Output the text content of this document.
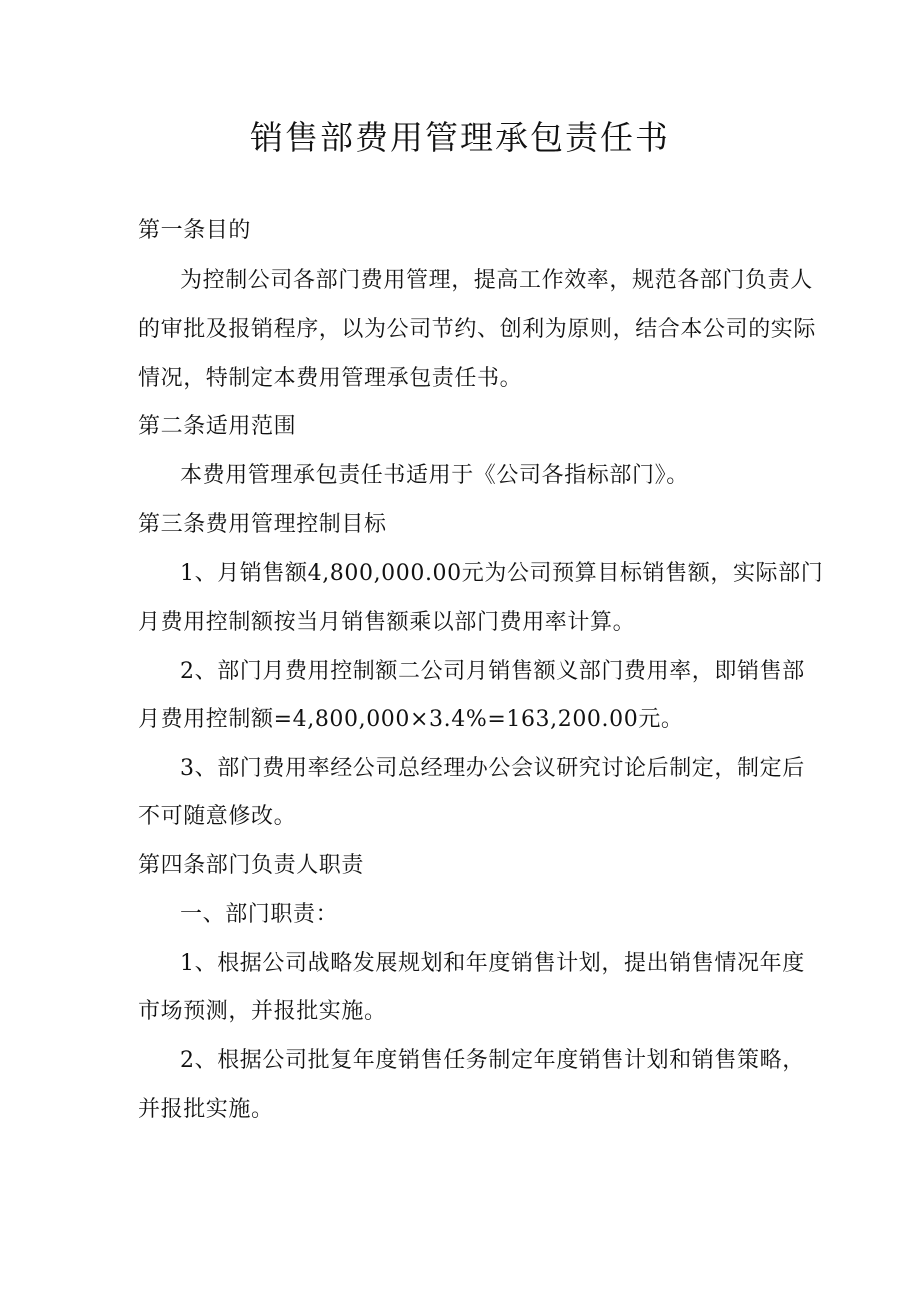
销售部费用管理承包责任书
第一条目的
为控制公司各部门费用管理，提高工作效率，规范各部门负责人
的审批及报销程序，以为公司节约、创利为原则，结合本公司的实际
情况，特制定本费用管理承包责任书。
第二条适用范围
本费用管理承包责任书适用于《公司各指标部门》。
第三条费用管理控制目标
1、月销售额4,800,000.00元为公司预算目标销售额，实际部门
月费用控制额按当月销售额乘以部门费用率计算。
2、部门月费用控制额二公司月销售额义部门费用率，即销售部
月费用控制额=4,800,000×3.4%=163,200.00元。
3、部门费用率经公司总经理办公会议研究讨论后制定，制定后
不可随意修改。
第四条部门负责人职责
一、部门职责：
1、根据公司战略发展规划和年度销售计划，提出销售情况年度
市场预测，并报批实施。
2、根据公司批复年度销售任务制定年度销售计划和销售策略，
并报批实施。
